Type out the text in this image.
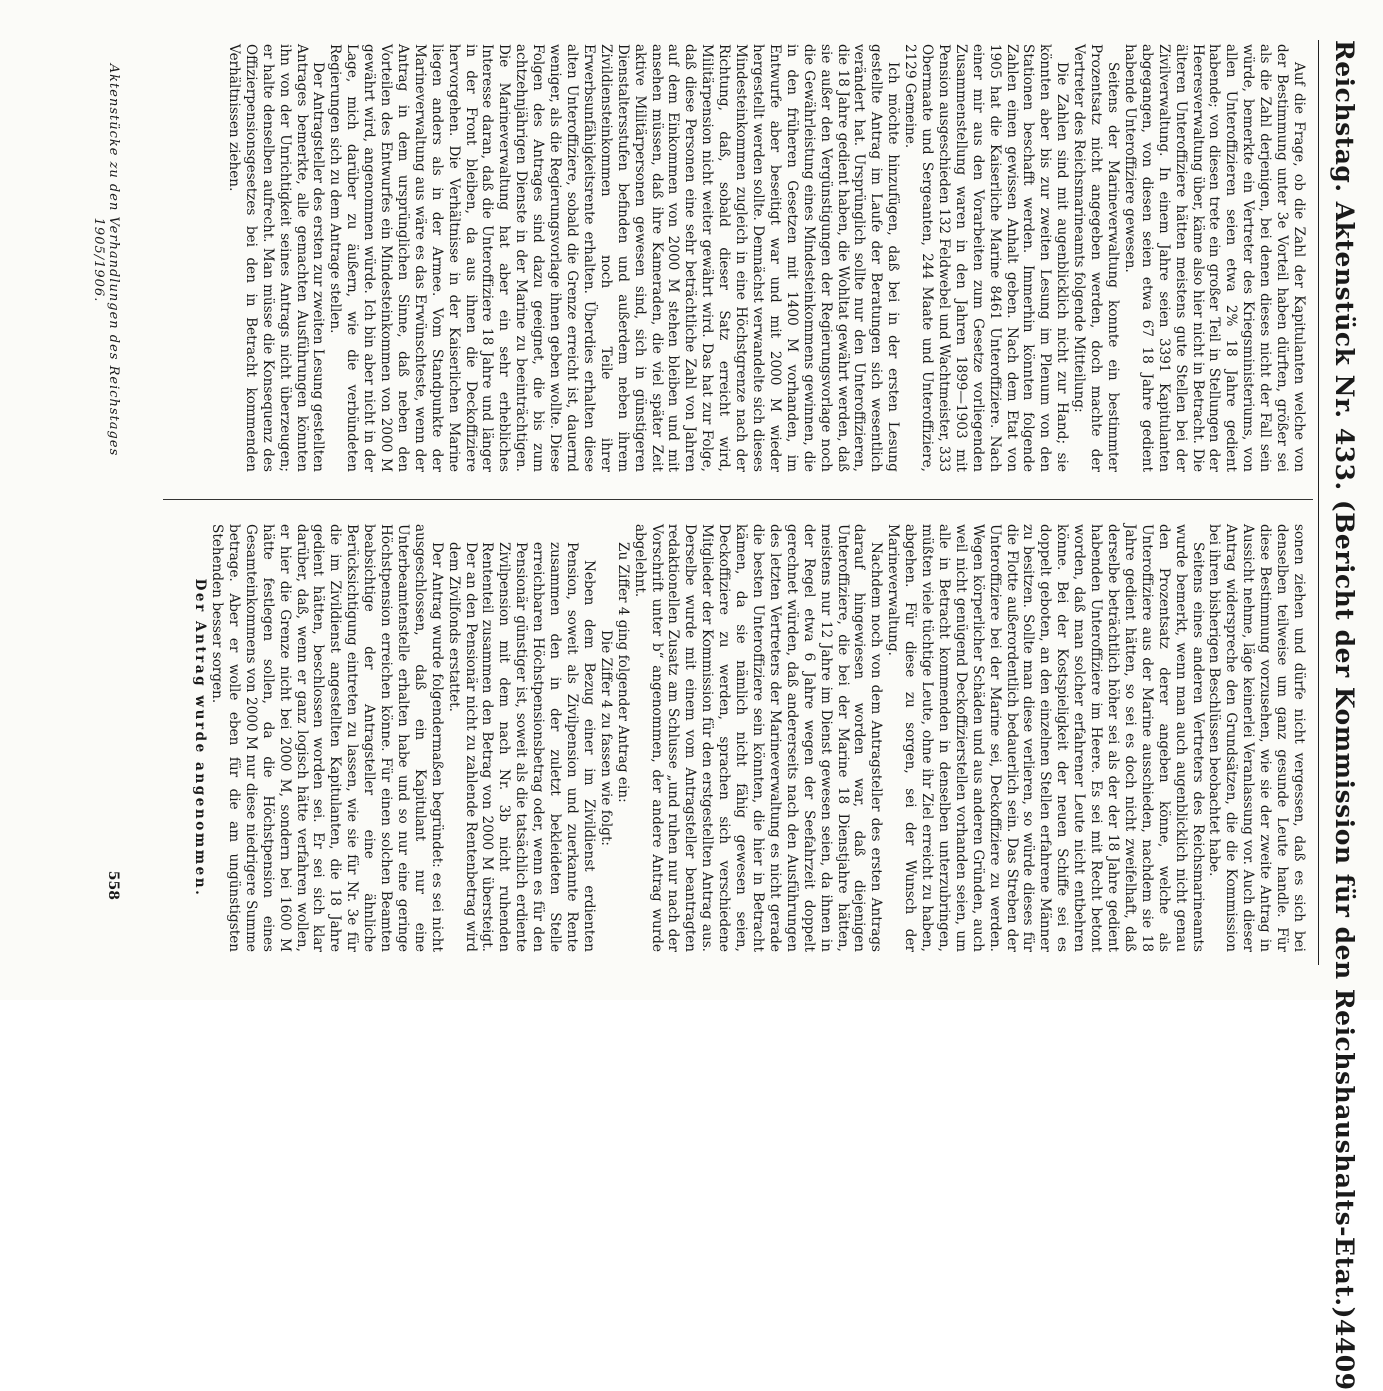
Reichstag. Aktenstück Nr. 433. (Bericht der Kommission für den Reichshaushalts-Etat.)
4409

Auf die Frage, ob die Zahl der Kapitulanten welche von der Bestimmung unter 3e Vorteil haben dürften, größer sei als die Zahl derjenigen, bei denen dieses nicht der Fall sein würde, bemerkte ein Vertreter des Kriegsministeriums, von allen Unteroffizieren seien etwa 2% 18 Jahre gedient habende; von diesen trete ein großer Teil in Stellungen der Heeresverwaltung über, käme also hier nicht in Betracht. Die älteren Unteroffiziere hätten meistens gute Stellen bei der Zivilverwaltung. In einem Jahre seien 3391 Kapitulanten abgegangen, von diesen seien etwa 67 18 Jahre gedient habende Unteroffiziere gewesen.

Seitens der Marineverwaltung konnte ein bestimmter Prozentsatz nicht angegeben werden, doch machte der Vertreter des Reichsmarineamts folgende Mitteilung:

Die Zahlen sind mit augenblicklich nicht zur Hand; sie könnten aber bis zur zweiten Lesung im Plenum von den Stationen beschafft werden. Immerhin könnten folgende Zahlen einen gewissen Anhalt geben. Nach dem Etat von 1905 hat die Kaiserliche Marine 8461 Unteroffiziere. Nach einer mir aus den Vorarbeiten zum Gesetze vorliegenden Zusammenstellung waren in den Jahren 1899—1903 mit Pension ausgeschieden 132 Feldwebel und Wachtmeister, 333 Obermaate und Sergeanten, 244 Maate und Unteroffiziere, 2129 Gemeine.

Ich möchte hinzufügen, daß bei in der ersten Lesung gestellte Antrag im Laufe der Beratungen sich wesentlich verändert hat. Ursprünglich sollte nur den Unteroffizieren, die 18 Jahre gedient haben, die Wohltat gewährt werden, daß sie außer den Vergünstigungen der Regierungsvorlage noch die Gewährleistung eines Mindesteinkommens gewinnen, die in den früheren Gesetzen mit 1400 M vorhanden, im Entwurfe aber beseitigt war und mit 2000 M wieder hergestellt werden sollte. Demnächst verwandelte sich dieses Mindesteinkommen zugleich in eine Höchstgrenze nach der Richtung, daß, sobald dieser Satz erreicht wird, Militärpension nicht weiter gewährt wird. Das hat zur Folge, daß diese Personen eine sehr beträchtliche Zahl von Jahren auf dem Einkommen von 2000 M stehen bleiben und mit ansehen müssen, daß ihre Kameraden, die viel später Zeit aktive Militärpersonen gewesen sind, sich in günstigeren Dienstaltersstufen befinden und außerdem neben ihrem Zivildiensteinkommen noch Teile ihrer Erwerbsunfähigkeitsrente erhalten. Überdies erhalten diese alten Unteroffiziere, sobald die Grenze erreicht ist, dauernd weniger, als die Regierungsvorlage ihnen geben wollte. Diese Folgen des Antrages sind dazu geeignet, die bis zum achtzehnjährigen Dienste in der Marine zu beeinträchtigen. Die Marineverwaltung hat aber ein sehr erhebliches Interesse daran, daß die Unteroffiziere 18 Jahre und länger in der Front bleiben, da aus ihnen die Deckoffiziere hervorgehen. Die Verhältnisse in der Kaiserlichen Marine liegen anders als in der Armee. Vom Standpunkte der Marineverwaltung aus wäre es das Erwünschteste, wenn der Antrag in dem ursprünglichen Sinne, daß neben den Vorteilen des Entwurfes ein Mindesteinkommen von 2000 M gewährt wird, angenommen würde. Ich bin aber nicht in der Lage, mich darüber zu äußern, wie die verbündeten Regierungen sich zu dem Antrage stellen.

Der Antragsteller des ersten zur zweiten Lesung gestellten Antrages bemerkte, alle gemachten Ausführungen könnten ihn von der Unrichtigkeit seines Antrags nicht überzeugen; er halte denselben aufrecht. Man müsse die Konsequenz des Offizierpensionsgesetzes bei den in Betracht kommenden Verhältnissen ziehen.

sonen ziehen und dürfe nicht vergessen, daß es sich bei denselben teilweise um ganz gesunde Leute handle. Für diese Bestimmung vorzusehen, wie sie der zweite Antrag in Aussicht nehme, läge keinerlei Veranlassung vor. Auch dieser Antrag widerspreche den Grundsätzen, die die Kommission bei ihren bisherigen Beschlüssen beobachtet habe.

Seitens eines anderen Vertreters des Reichsmarineamts wurde bemerkt, wenn man auch augenblicklich nicht genau den Prozentsatz derer angeben könne, welche als Unteroffiziere aus der Marine ausschieden, nachdem sie 18 Jahre gedient hätten, so sei es doch nicht zweifelhaft, daß derselbe beträchtlich höher sei als der der 18 Jahre gedient habenden Unteroffiziere im Heere. Es sei mit Recht betont worden, daß man solcher erfahrener Leute nicht entbehren könne. Bei der Kostspieligkeit der neuen Schiffe sei es doppelt geboten, an den einzelnen Stellen erfahrene Männer zu besitzen. Sollte man diese verlieren, so würde dieses für die Flotte außerordentlich bedauerlich sein. Das Streben der Unteroffiziere bei der Marine sei, Deckoffiziere zu werden. Wegen körperlicher Schäden und aus anderen Gründen, auch weil nicht genügend Deckoffizierstellen vorhanden seien, um alle in Betracht kommenden in denselben unterzubringen, müßten viele tüchtige Leute, ohne ihr Ziel erreicht zu haben, abgehen. Für diese zu sorgen, sei der Wunsch der Marineverwaltung.

Nachdem noch von dem Antragsteller des ersten Antrags darauf hingewiesen worden war, daß diejenigen Unteroffiziere, die bei der Marine 18 Dienstjahre hätten, meistens nur 12 Jahre im Dienst gewesen seien, da ihnen in der Regel etwa 6 Jahre wegen der Seefahrzeit doppelt gerechnet würden, daß andererseits nach den Ausführungen des letzten Vertreters der Marineverwaltung es nicht gerade die besten Unteroffiziere sein könnten, die hier in Betracht kämen, da sie nämlich nicht fähig gewesen seien, Deckoffiziere zu werden, sprachen sich verschiedene Mitglieder der Kommission für den erstgestellten Antrag aus. Derselbe wurde mit einem vom Antragsteller beantragten redaktionellen Zusatz am Schlusse „und ruhen nur nach der Vorschrift unter b“ angenommen, der andere Antrag wurde abgelehnt.

Zu Ziffer 4 ging folgender Antrag ein:

Die Ziffer 4 zu fassen wie folgt:

Neben dem Bezug einer im Zivildienst erdienten Pension, soweit als Zivilpension und zuerkannte Rente zusammen den in der zuletzt bekleideten Stelle erreichbaren Höchstpensionsbetrag oder, wenn es für den Pensionär günstiger ist, soweit als die tatsächlich erdiente Zivilpension mit dem nach Nr. 3b nicht ruhenden Rententeil zusammen den Betrag von 2000 M übersteigt. Der an den Pensionär nicht zu zahlende Rentenbetrag wird dem Zivilfonds erstattet.

Der Antrag wurde folgendermaßen begründet: es sei nicht ausgeschlossen, daß ein Kapitulant nur eine Unterbeamtenstelle erhalten habe und so nur eine geringe Höchstpension erreichen könne. Für einen solchen Beamten beabsichtige der Antragsteller eine ähnliche Berücksichtigung eintreten zu lassen, wie sie für Nr. 3e für die im Zivildienst angestellten Kapitulanten, die 18 Jahre gedient hätten, beschlossen worden sei. Er sei sich klar darüber, daß, wenn er ganz logisch hätte verfahren wollen, er hier die Grenze nicht bei 2000 M, sondern bei 1600 M hätte festlegen sollen, da die Höchstpension eines Gesamteinkommens von 2000 M nur diese niedrigere Summe betrage. Aber er wolle eben für die am ungünstigsten Stehenden besser sorgen.

Der Antrag wurde angenommen.

Aktenstücke zu den Verhandlungen des Reichstages 1905/1906.
558
